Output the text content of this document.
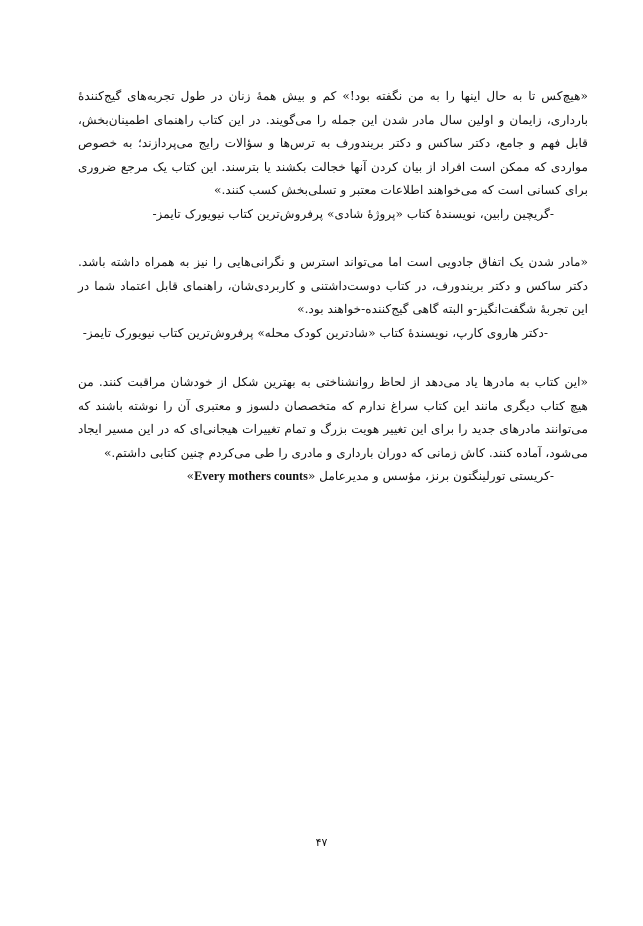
«هیچ‌کس تا به حال اینها را به من نگفته بود!» کم و بیش همهٔ زنان در طول تجربه‌های گیج‌کنندهٔ بارداری، زایمان و اولین سال مادر شدن این جمله را می‌گویند. در این کتاب راهنمای اطمینان‌بخش، قابل فهم و جامع، دکتر ساکس و دکتر بریندورف به ترس‌ها و سؤالات رایج می‌پردازند؛ به خصوص مواردی که ممکن است افراد از بیان کردن آنها خجالت بکشند یا بترسند. این کتاب یک مرجع ضروری برای کسانی است که می‌خواهند اطلاعات معتبر و تسلی‌بخش کسب کنند.»

-گریچین رابین، نویسندهٔ کتاب «پروژهٔ شادی» پرفروش‌ترین کتاب نیویورک تایمز-

«مادر شدن یک اتفاق جادویی است اما می‌تواند استرس و نگرانی‌هایی را نیز به همراه داشته باشد. دکتر ساکس و دکتر بریندورف، در کتاب دوست‌داشتنی و کاربردی‌شان، راهنمای قابل اعتماد شما در این تجربهٔ شگفت‌انگیز-و البته گاهی گیج‌کننده-خواهند بود.»

-دکتر هاروی کارپ، نویسندهٔ کتاب «شادترین کودک محله» پرفروش‌ترین کتاب نیویورک تایمز-

«این کتاب به مادرها یاد می‌دهد از لحاظ روانشناختی به بهترین شکل از خودشان مراقبت کنند. من هیچ کتاب دیگری مانند این کتاب سراغ ندارم که متخصصان دلسوز و معتبری آن را نوشته باشند که می‌توانند مادرهای جدید را برای این تغییر هویت بزرگ و تمام تغییرات هیجانی‌ای که در این مسیر ایجاد می‌شود، آماده کنند. کاش زمانی که دوران بارداری و مادری را طی می‌کردم چنین کتابی داشتم.»

-کریستی تورلینگتون برنز، مؤسس و مدیرعامل «Every mothers counts»
۴۷
